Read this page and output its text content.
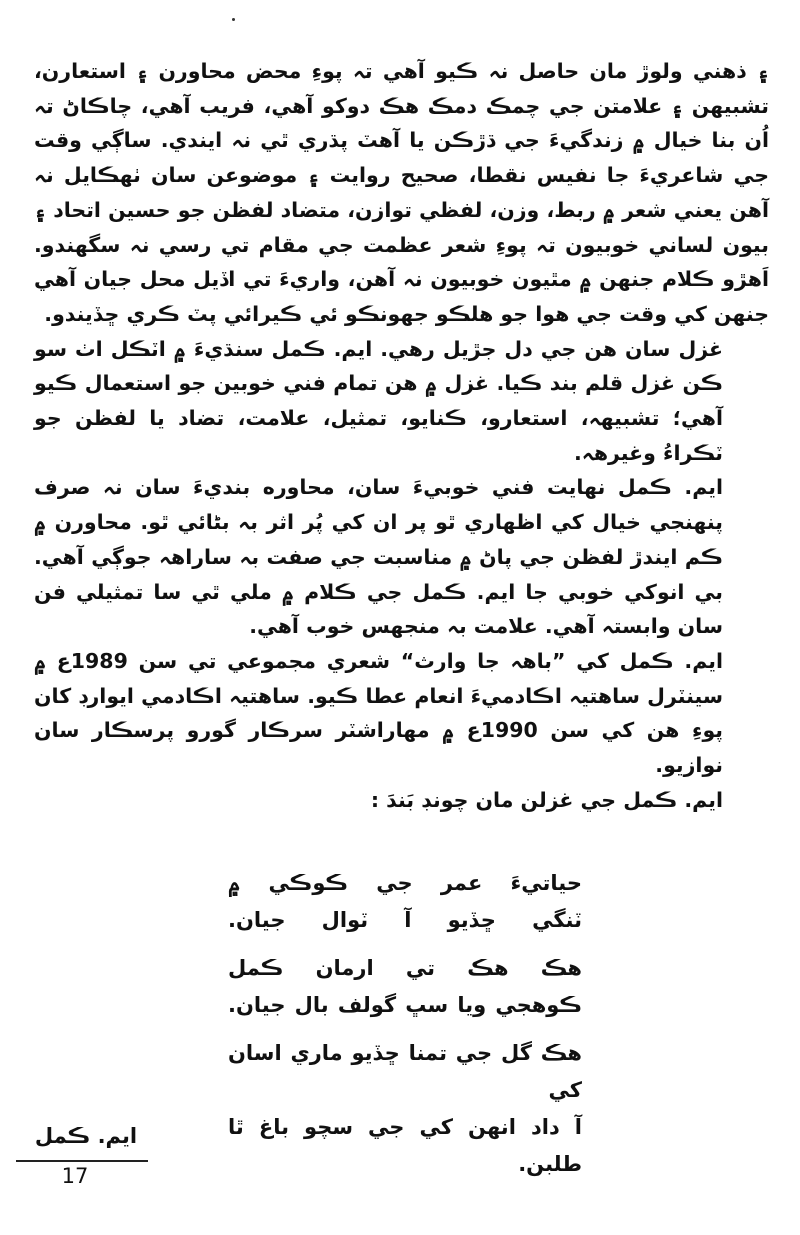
۽ ذهني ولوڙ مان حاصل نہ ڪيو آهي تہ پوءِ محض محاورن ۽ استعارن، تشبيهن ۽ علامتن جي چمڪ دمڪ هڪ دوکو آهي، فريب آهي، چاڪاڻ تہ اُن بنا خيال ۾ زندگيءَ جي ڌڙڪن يا آهٽ پڌري ٿي نہ ايندي. ساڳي وقت جي شاعريءَ جا نفيس نقطا، صحيح روايت ۽ موضوعن سان ٺهڪايل نہ آهن يعني شعر ۾ ربط، وزن، لفظي توازن، متضاد لفظن جو حسين اتحاد ۽ بيون لساني خوبيون تہ پوءِ شعر عظمت جي مقام تي رسي نہ سگهندو. اَهڙو ڪلام جنهن ۾ مٿيون خوبيون نہ آهن، واريءَ تي اڏيل محل جيان آهي جنهن کي وقت جي هوا جو هلڪو جهونڪو ئي ڪيرائي پٽ ڪري ڇڏيندو.

غزل سان هن جي دل جڙيل رهي. ايم. ڪمل سنڌيءَ ۾ اٽڪل اٺ سو ڪن غزل قلم بند ڪيا. غزل ۾ هن تمام فني خوبين جو استعمال ڪيو آهي؛ تشبيهہ، استعارو، ڪنايو، تمثيل، علامت، تضاد يا لفظن جو ٽڪراءُ وغيرهہ.

ايم. ڪمل نهايت فني خوبيءَ سان، محاوره بنديءَ سان نہ صرف پنهنجي خيال کي اظهاري ٿو پر ان کي پُر اثر بہ بڻائي ٿو. محاورن ۾ ڪم ايندڙ لفظن جي پاڻ ۾ مناسبت جي صفت بہ ساراهہ جوڳي آهي. بي انوکي خوبي جا ايم. ڪمل جي ڪلام ۾ ملي ٿي سا تمثيلي فن سان وابستہ آهي. علامت بہ منجهس خوب آهي.

ايم. ڪمل کي ”باهہ جا وارث“ شعري مجموعي تي سن 1989ع ۾ سينٽرل ساهتيہ اڪادميءَ انعام عطا ڪيو. ساهتيہ اڪادمي ايوارڊ کان پوءِ هن کي سن 1990ع ۾ مهاراشٽر سرڪار گورو پرسڪار سان نوازيو.

ايم. ڪمل جي غزلن مان چونڊ بَندَ :

حياتيءَ عمر جي ڪوڪي ۾
ٽنگي ڇڏيو آ ٽوال جيان.
هڪ هڪ تي ارمان ڪمل
ڪوهجي ويا سڀ گولف بال جيان.
هڪ گل جي تمنا ڇڏيو ماري اسان کي
آ داد انهن کي جي سچو باغ ٿا طلبن.
ايم. ڪمل
17
